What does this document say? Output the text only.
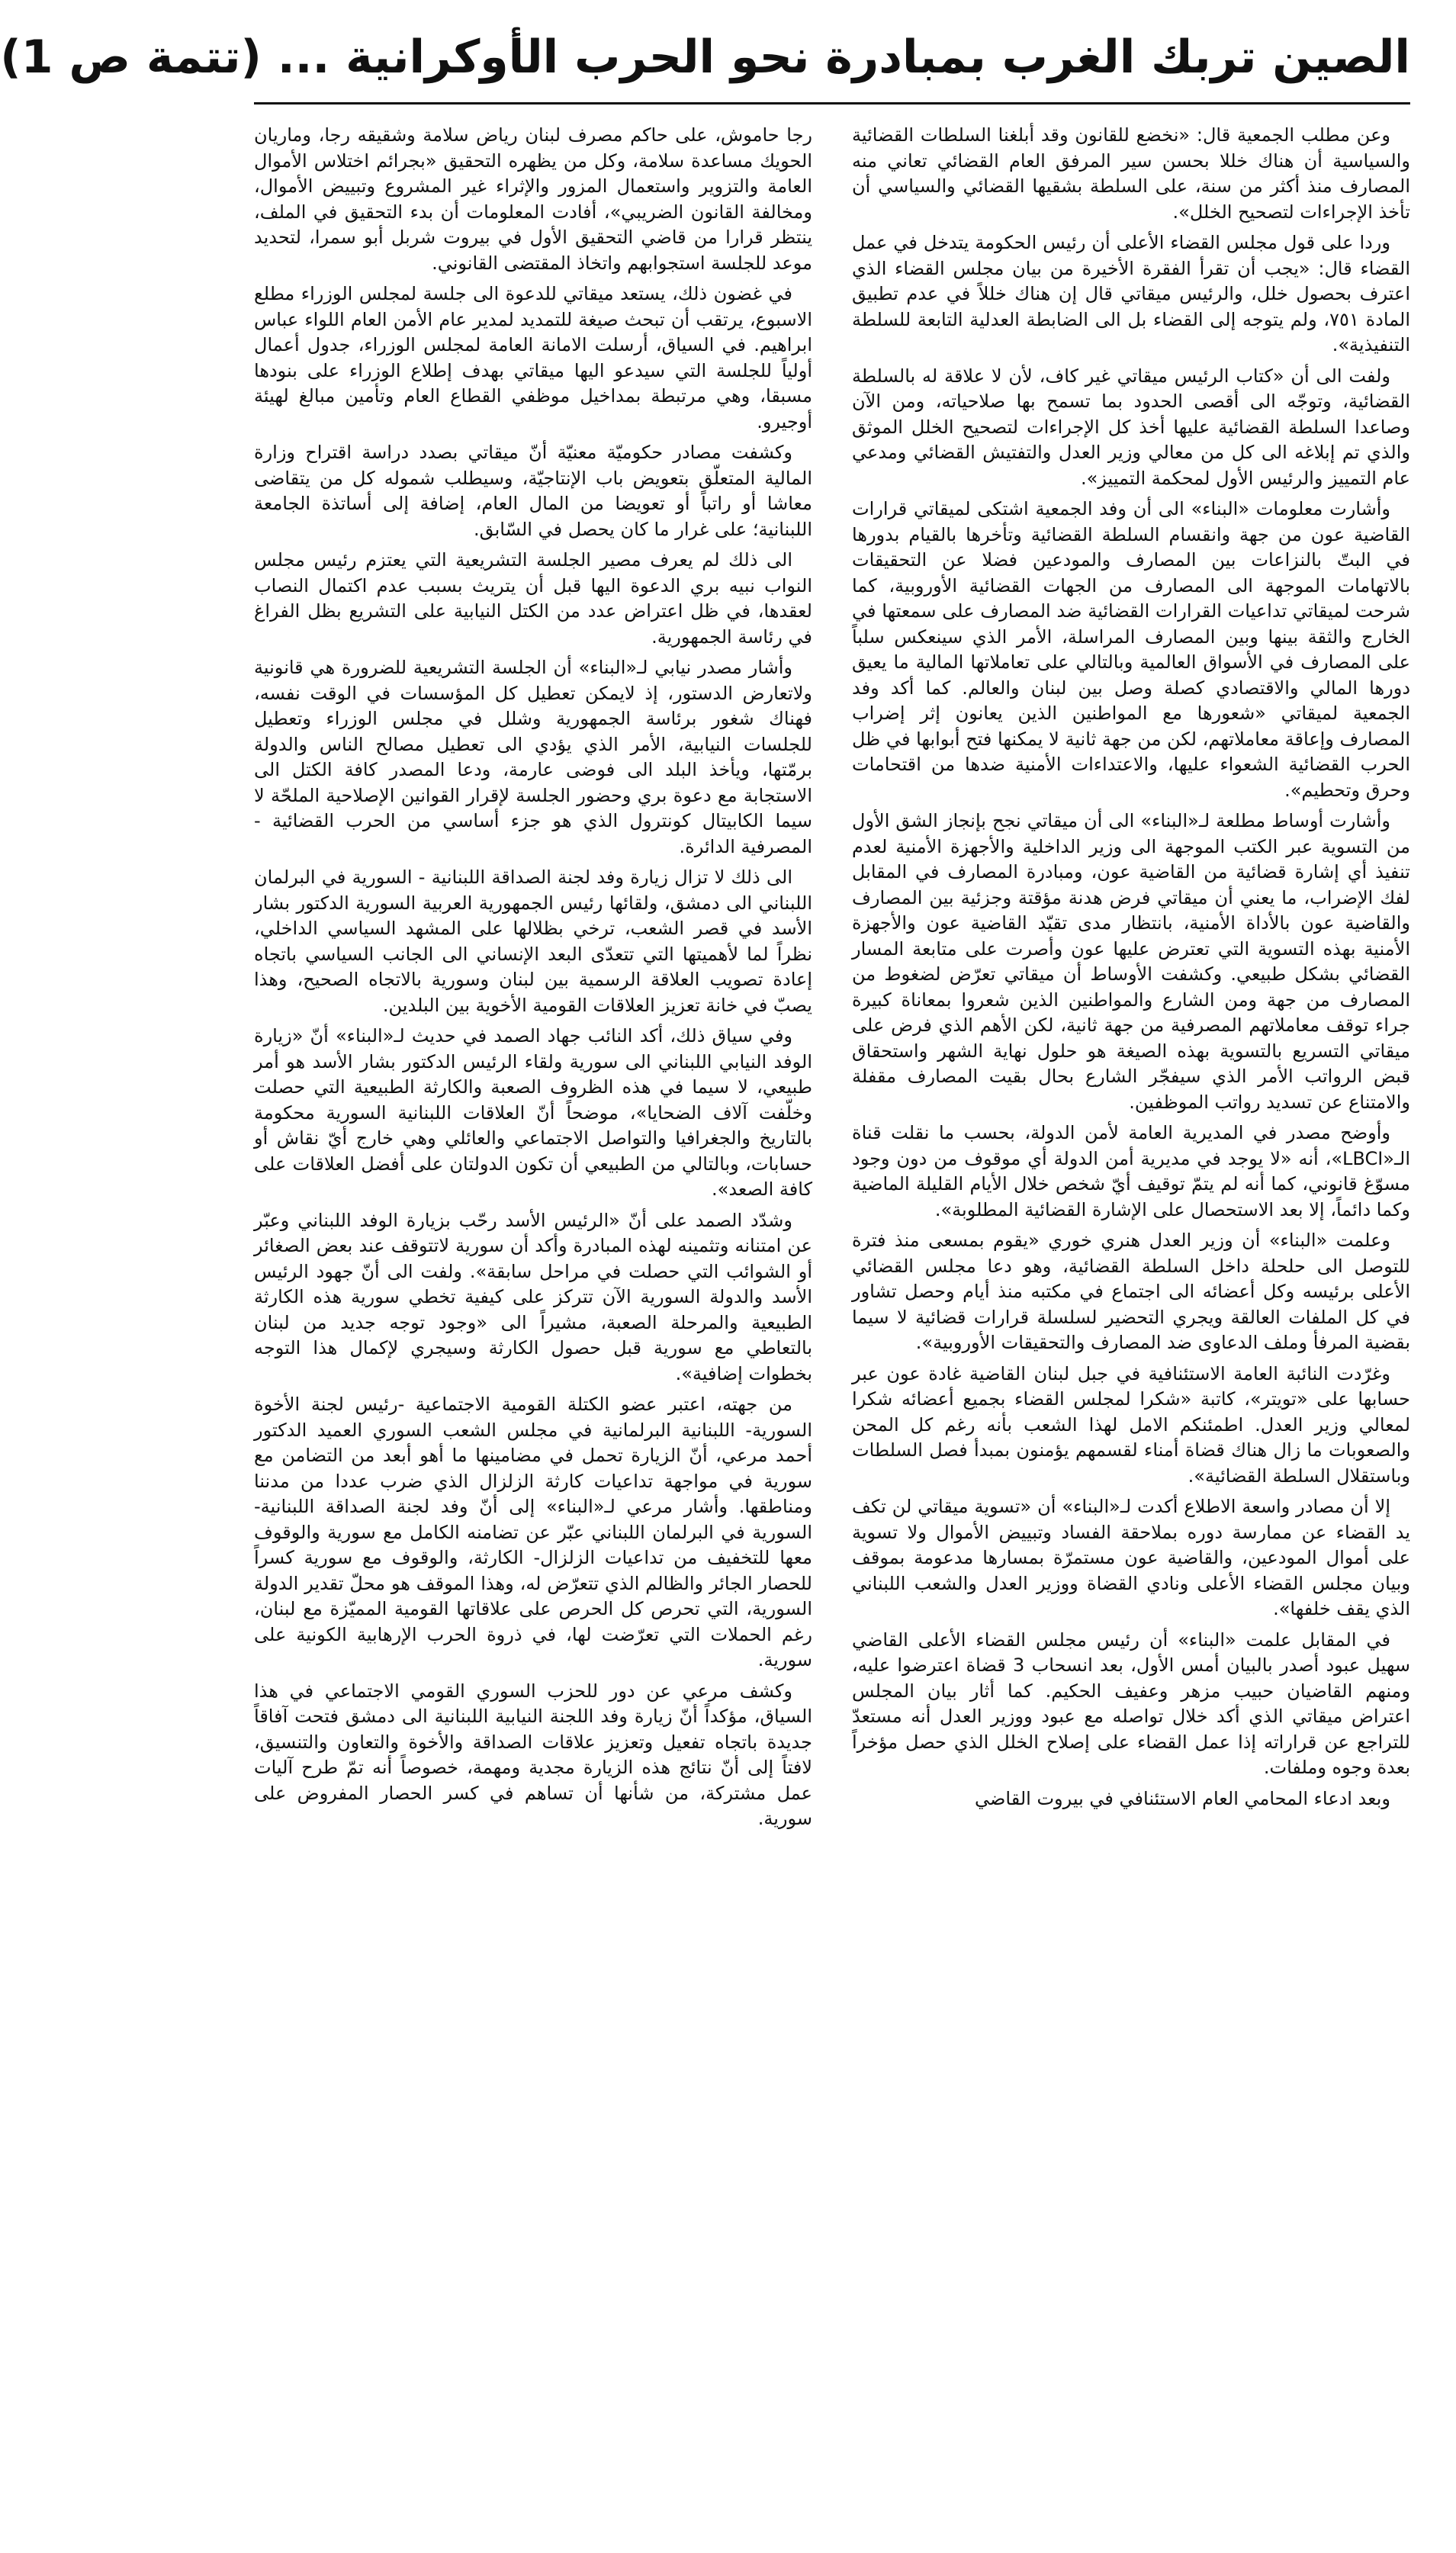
الصين تربك الغرب بمبادرة نحو الحرب الأوكرانية ... (تتمة ص 1)

وعن مطلب الجمعية قال: «نخضع للقانون وقد أبلغنا السلطات القضائية والسياسية أن هناك خللا بحسن سير المرفق العام القضائي تعاني منه المصارف منذ أكثر من سنة، على السلطة بشقيها القضائي والسياسي أن تأخذ الإجراءات لتصحيح الخلل».

وردا على قول مجلس القضاء الأعلى أن رئيس الحكومة يتدخل في عمل القضاء قال: «يجب أن تقرأ الفقرة الأخيرة من بيان مجلس القضاء الذي اعترف بحصول خلل، والرئيس ميقاتي قال إن هناك خللاً في عدم تطبيق المادة ٧٥١، ولم يتوجه إلى القضاء بل الى الضابطة العدلية التابعة للسلطة التنفيذية».

ولفت الى أن «كتاب الرئيس ميقاتي غير كاف، لأن لا علاقة له بالسلطة القضائية، وتوجّه الى أقصى الحدود بما تسمح بها صلاحياته، ومن الآن وصاعدا السلطة القضائية عليها أخذ كل الإجراءات لتصحيح الخلل الموثق والذي تم إبلاغه الى كل من معالي وزير العدل والتفتيش القضائي ومدعي عام التمييز والرئيس الأول لمحكمة التمييز».

وأشارت معلومات «البناء» الى أن وفد الجمعية اشتكى لميقاتي قرارات القاضية عون من جهة وانقسام السلطة القضائية وتأخرها بالقيام بدورها في البتّ بالنزاعات بين المصارف والمودعين فضلا عن التحقيقات بالاتهامات الموجهة الى المصارف من الجهات القضائية الأوروبية، كما شرحت لميقاتي تداعيات القرارات القضائية ضد المصارف على سمعتها في الخارج والثقة بينها وبين المصارف المراسلة، الأمر الذي سينعكس سلباً على المصارف في الأسواق العالمية وبالتالي على تعاملاتها المالية ما يعيق دورها المالي والاقتصادي كصلة وصل بين لبنان والعالم. كما أكد وفد الجمعية لميقاتي «شعورها مع المواطنين الذين يعانون إثر إضراب المصارف وإعاقة معاملاتهم، لكن من جهة ثانية لا يمكنها فتح أبوابها في ظل الحرب القضائية الشعواء عليها، والاعتداءات الأمنية ضدها من اقتحامات وحرق وتحطيم».

وأشارت أوساط مطلعة لـ«البناء» الى أن ميقاتي نجح بإنجاز الشق الأول من التسوية عبر الكتب الموجهة الى وزير الداخلية والأجهزة الأمنية لعدم تنفيذ أي إشارة قضائية من القاضية عون، ومبادرة المصارف في المقابل لفك الإضراب، ما يعني أن ميقاتي فرض هدنة مؤقتة وجزئية بين المصارف والقاضية عون بالأداة الأمنية، بانتظار مدى تقيّد القاضية عون والأجهزة الأمنية بهذه التسوية التي تعترض عليها عون وأصرت على متابعة المسار القضائي بشكل طبيعي. وكشفت الأوساط أن ميقاتي تعرّض لضغوط من المصارف من جهة ومن الشارع والمواطنين الذين شعروا بمعاناة كبيرة جراء توقف معاملاتهم المصرفية من جهة ثانية، لكن الأهم الذي فرض على ميقاتي التسريع بالتسوية بهذه الصيغة هو حلول نهاية الشهر واستحقاق قبض الرواتب الأمر الذي سيفجّر الشارع بحال بقيت المصارف مقفلة والامتناع عن تسديد رواتب الموظفين.

وأوضح مصدر في المديرية العامة لأمن الدولة، بحسب ما نقلت قناة الـ«LBCI»، أنه «لا يوجد في مديرية أمن الدولة أي موقوف من دون وجود مسوّغ قانوني، كما أنه لم يتمّ توقيف أيّ شخص خلال الأيام القليلة الماضية وكما دائماً، إلا بعد الاستحصال على الإشارة القضائية المطلوبة».

وعلمت «البناء» أن وزير العدل هنري خوري «يقوم بمسعى منذ فترة للتوصل الى حلحلة داخل السلطة القضائية، وهو دعا مجلس القضائي الأعلى برئيسه وكل أعضائه الى اجتماع في مكتبه منذ أيام وحصل تشاور في كل الملفات العالقة ويجري التحضير لسلسلة قرارات قضائية لا سيما بقضية المرفأ وملف الدعاوى ضد المصارف والتحقيقات الأوروبية».

وغرّدت النائبة العامة الاستئنافية في جبل لبنان القاضية غادة عون عبر حسابها على «تويتر»، كاتبة «شكرا لمجلس القضاء بجميع أعضائه شكرا لمعالي وزير العدل. اطمئنكم الامل لهذا الشعب بأنه رغم كل المحن والصعوبات ما زال هناك قضاة أمناء لقسمهم يؤمنون بمبدأ فصل السلطات وباستقلال السلطة القضائية».

إلا أن مصادر واسعة الاطلاع أكدت لـ«البناء» أن «تسوية ميقاتي لن تكف يد القضاء عن ممارسة دوره بملاحقة الفساد وتبييض الأموال ولا تسوية على أموال المودعين، والقاضية عون مستمرّة بمسارها مدعومة بموقف وبيان مجلس القضاء الأعلى ونادي القضاة ووزير العدل والشعب اللبناني الذي يقف خلفها».

في المقابل علمت «البناء» أن رئيس مجلس القضاء الأعلى القاضي سهيل عبود أصدر بالبيان أمس الأول، بعد انسحاب 3 قضاة اعترضوا عليه، ومنهم القاضيان حبيب مزهر وعفيف الحكيم. كما أثار بيان المجلس اعتراض ميقاتي الذي أكد خلال تواصله مع عبود ووزير العدل أنه مستعدّ للتراجع عن قراراته إذا عمل القضاء على إصلاح الخلل الذي حصل مؤخراً بعدة وجوه وملفات.

وبعد ادعاء المحامي العام الاستئنافي في بيروت القاضي

رجا حاموش، على حاكم مصرف لبنان رياض سلامة وشقيقه رجا، وماريان الحويك مساعدة سلامة، وكل من يظهره التحقيق «بجرائم اختلاس الأموال العامة والتزوير واستعمال المزور والإثراء غير المشروع وتبييض الأموال، ومخالفة القانون الضريبي»، أفادت المعلومات أن بدء التحقيق في الملف، ينتظر قرارا من قاضي التحقيق الأول في بيروت شربل أبو سمرا، لتحديد موعد للجلسة استجوابهم واتخاذ المقتضى القانوني.

في غضون ذلك، يستعد ميقاتي للدعوة الى جلسة لمجلس الوزراء مطلع الاسبوع، يرتقب أن تبحث صيغة للتمديد لمدير عام الأمن العام اللواء عباس ابراهيم. في السياق، أرسلت الامانة العامة لمجلس الوزراء، جدول أعمال أولياً للجلسة التي سيدعو اليها ميقاتي بهدف إطلاع الوزراء على بنودها مسبقا، وهي مرتبطة بمداخيل موظفي القطاع العام وتأمين مبالغ لهيئة أوجيرو.

وكشفت مصادر حكوميّة معنيّة أنّ ميقاتي بصدد دراسة اقتراح وزارة المالية المتعلّق بتعويض باب الإنتاجيّة، وسيطلب شموله كل من يتقاضى معاشا أو راتباً أو تعويضا من المال العام، إضافة إلى أساتذة الجامعة اللبنانية؛ على غرار ما كان يحصل في السّابق.

الى ذلك لم يعرف مصير الجلسة التشريعية التي يعتزم رئيس مجلس النواب نبيه بري الدعوة اليها قبل أن يتريث بسبب عدم اكتمال النصاب لعقدها، في ظل اعتراض عدد من الكتل النيابية على التشريع بظل الفراغ في رئاسة الجمهورية.

وأشار مصدر نيابي لـ«البناء» أن الجلسة التشريعية للضرورة هي قانونية ولاتعارض الدستور، إذ لايمكن تعطيل كل المؤسسات في الوقت نفسه، فهناك شغور برئاسة الجمهورية وشلل في مجلس الوزراء وتعطيل للجلسات النيابية، الأمر الذي يؤدي الى تعطيل مصالح الناس والدولة برمّتها، ويأخذ البلد الى فوضى عارمة، ودعا المصدر كافة الكتل الى الاستجابة مع دعوة بري وحضور الجلسة لإقرار القوانين الإصلاحية الملحّة لا سيما الكابيتال كونترول الذي هو جزء أساسي من الحرب القضائية - المصرفية الدائرة.

الى ذلك لا تزال زيارة وفد لجنة الصداقة اللبنانية - السورية في البرلمان اللبناني الى دمشق، ولقائها رئيس الجمهورية العربية السورية الدكتور بشار الأسد في قصر الشعب، ترخي بظلالها على المشهد السياسي الداخلي، نظراً لما لأهميتها التي تتعدّى البعد الإنساني الى الجانب السياسي باتجاه إعادة تصويب العلاقة الرسمية بين لبنان وسورية بالاتجاه الصحيح، وهذا يصبّ في خانة تعزيز العلاقات القومية الأخوية بين البلدين.

وفي سياق ذلك، أكد النائب جهاد الصمد في حديث لـ«البناء» أنّ «زيارة الوفد النيابي اللبناني الى سورية ولقاء الرئيس الدكتور بشار الأسد هو أمر طبيعي، لا سيما في هذه الظروف الصعبة والكارثة الطبيعية التي حصلت وخلّفت آلاف الضحايا»، موضحاً أنّ العلاقات اللبنانية السورية محكومة بالتاريخ والجغرافيا والتواصل الاجتماعي والعائلي وهي خارج أيّ نقاش أو حسابات، وبالتالي من الطبيعي أن تكون الدولتان على أفضل العلاقات على كافة الصعد».

وشدّد الصمد على أنّ «الرئيس الأسد رحّب بزيارة الوفد اللبناني وعبّر عن امتنانه وتثمينه لهذه المبادرة وأكد أن سورية لاتتوقف عند بعض الصغائر أو الشوائب التي حصلت في مراحل سابقة». ولفت الى أنّ جهود الرئيس الأسد والدولة السورية الآن تتركز على كيفية تخطي سورية هذه الكارثة الطبيعية والمرحلة الصعبة، مشيراً الى «وجود توجه جديد من لبنان بالتعاطي مع سورية قبل حصول الكارثة وسيجري لإكمال هذا التوجه بخطوات إضافية».

من جهته، اعتبر عضو الكتلة القومية الاجتماعية -رئيس لجنة الأخوة السورية- اللبنانية البرلمانية في مجلس الشعب السوري العميد الدكتور أحمد مرعي، أنّ الزيارة تحمل في مضامينها ما أهو أبعد من التضامن مع سورية في مواجهة تداعيات كارثة الزلزال الذي ضرب عددا من مدننا ومناطقها. وأشار مرعي لـ«البناء» إلى أنّ وفد لجنة الصداقة اللبنانية- السورية في البرلمان اللبناني عبّر عن تضامنه الكامل مع سورية والوقوف معها للتخفيف من تداعيات الزلزال- الكارثة، والوقوف مع سورية كسراً للحصار الجائر والظالم الذي تتعرّض له، وهذا الموقف هو محلّ تقدير الدولة السورية، التي تحرص كل الحرص على علاقاتها القومية المميّزة مع لبنان، رغم الحملات التي تعرّضت لها، في ذروة الحرب الإرهابية الكونية على سورية.

وكشف مرعي عن دور للحزب السوري القومي الاجتماعي في هذا السياق، مؤكداً أنّ زيارة وفد اللجنة النيابية اللبنانية الى دمشق فتحت آفاقاً جديدة باتجاه تفعيل وتعزيز علاقات الصداقة والأخوة والتعاون والتنسيق، لافتاً إلى أنّ نتائج هذه الزيارة مجدية ومهمة، خصوصاً أنه تمّ طرح آليات عمل مشتركة، من شأنها أن تساهم في كسر الحصار المفروض على سورية.
